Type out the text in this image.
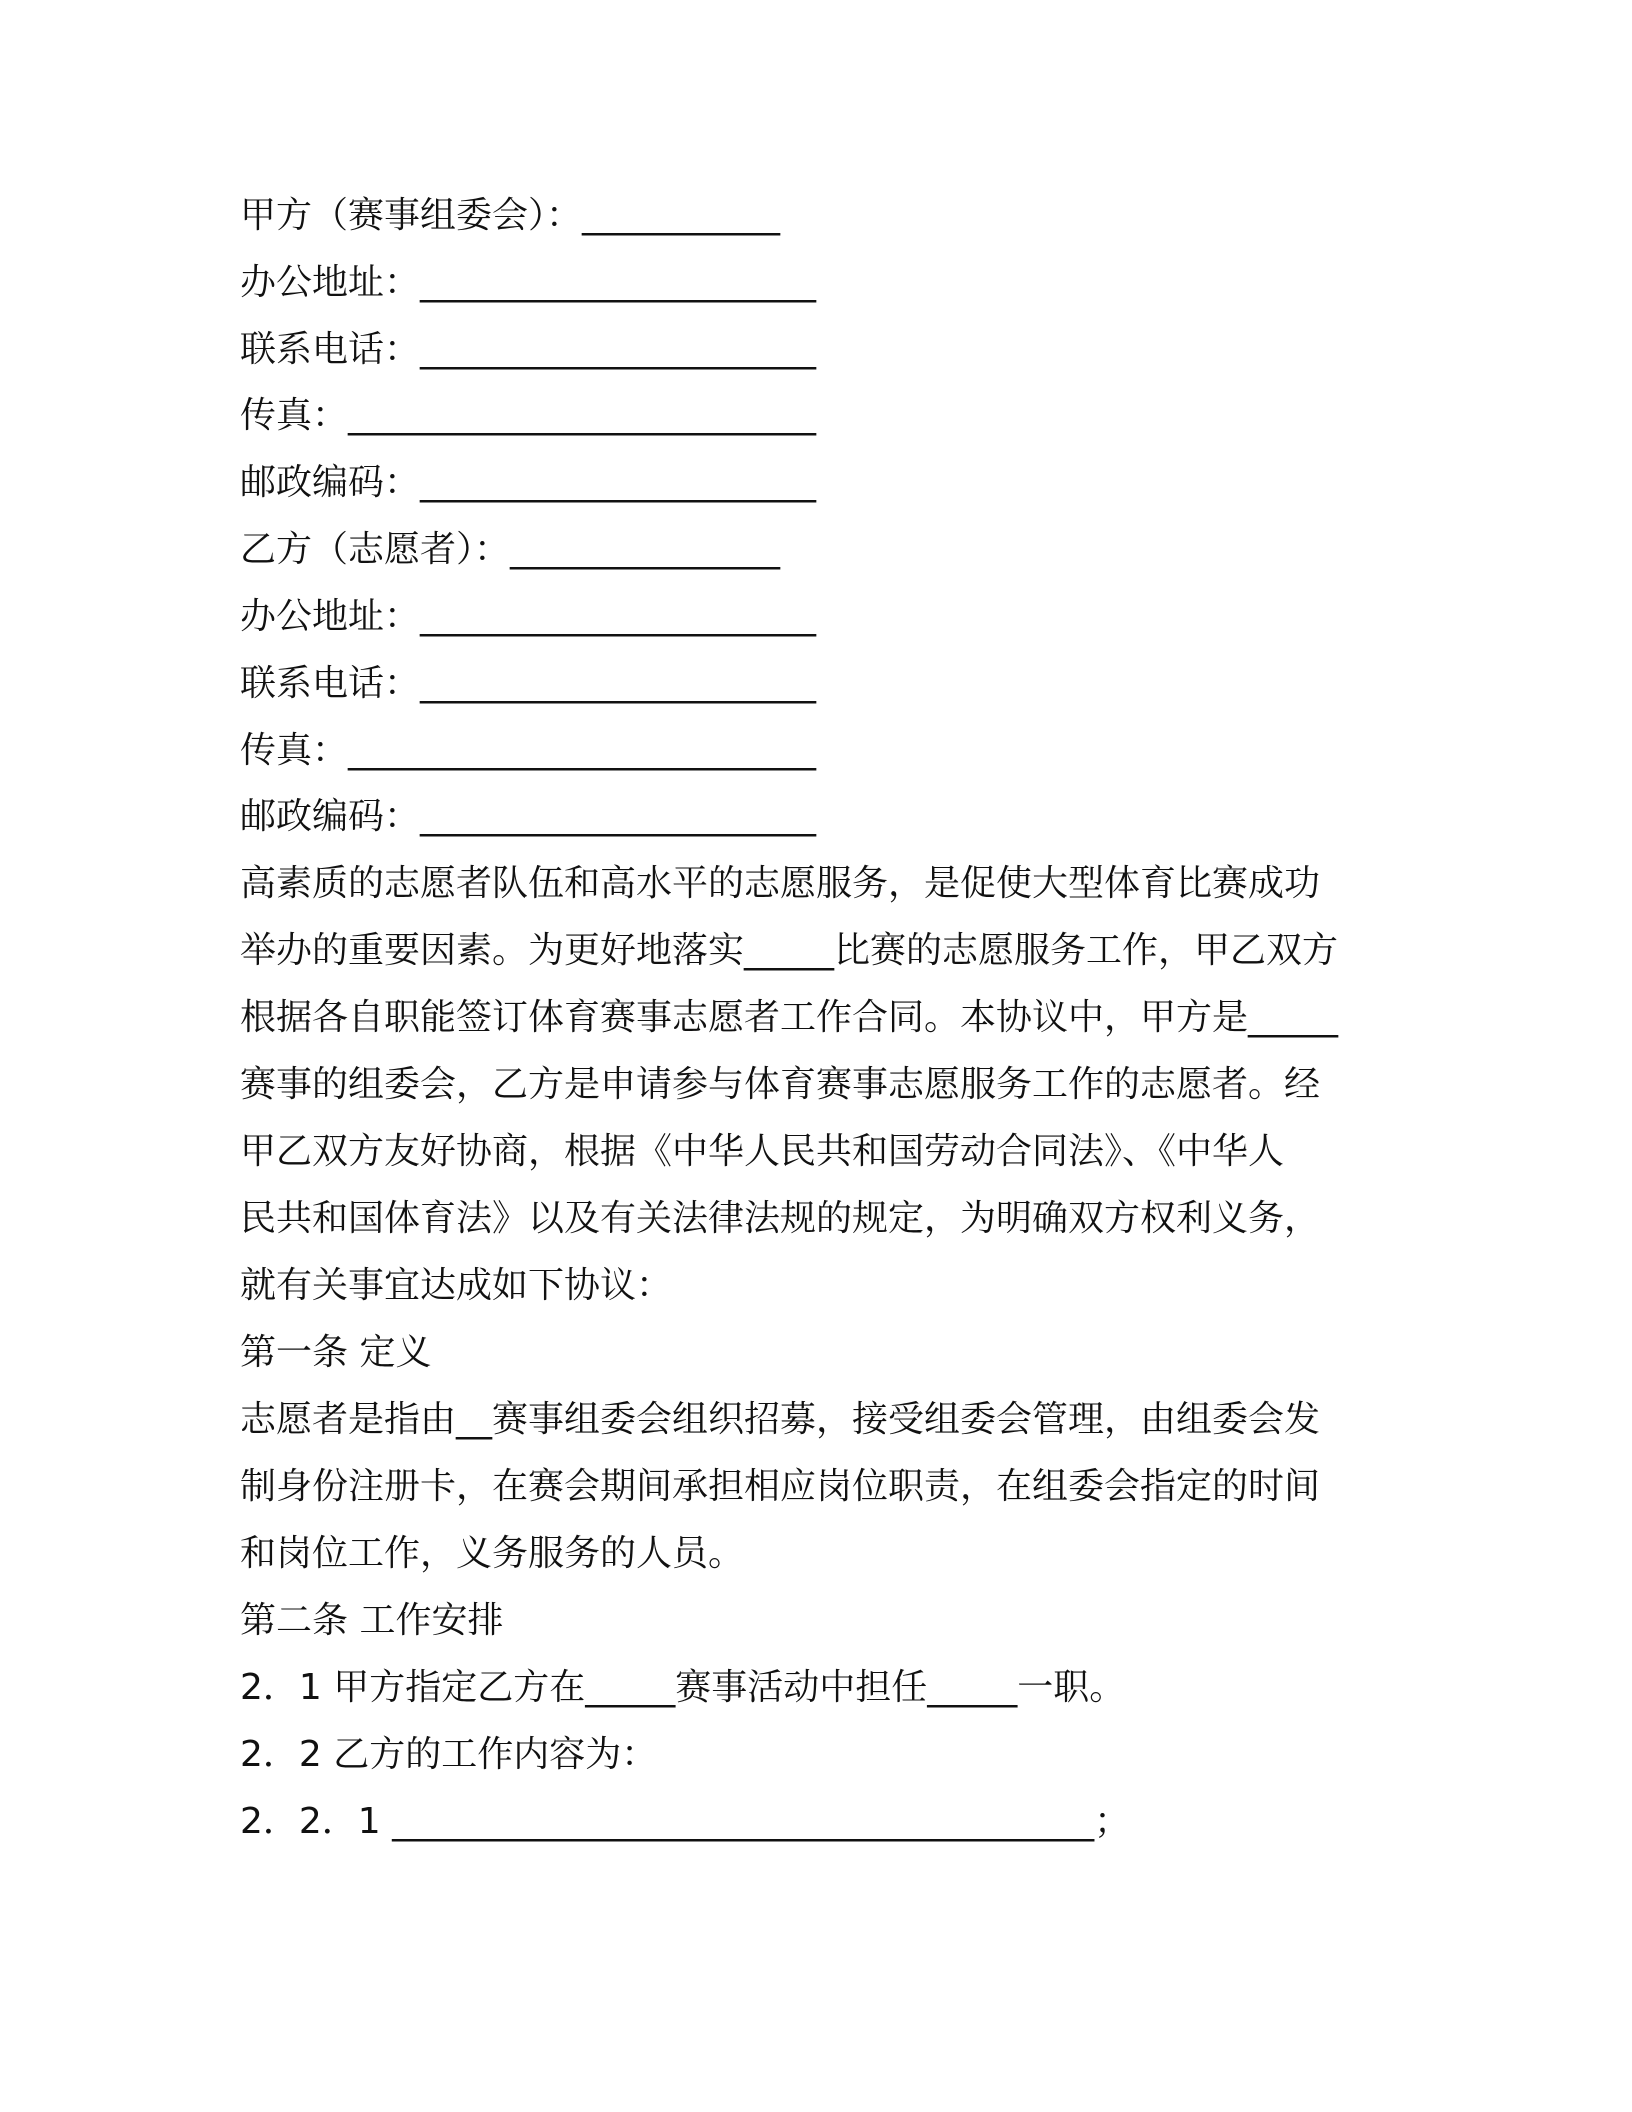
甲方（赛事组委会）：___________
办公地址：______________________
联系电话：______________________
传真：__________________________
邮政编码：______________________
乙方（志愿者）：_______________
办公地址：______________________
联系电话：______________________
传真：__________________________
邮政编码：______________________
高素质的志愿者队伍和高水平的志愿服务，是促使大型体育比赛成功
举办的重要因素。为更好地落实_____比赛的志愿服务工作，甲乙双方
根据各自职能签订体育赛事志愿者工作合同。本协议中，甲方是_____
赛事的组委会，乙方是申请参与体育赛事志愿服务工作的志愿者。经
甲乙双方友好协商，根据《中华人民共和国劳动合同法》、《中华人
民共和国体育法》以及有关法律法规的规定，为明确双方权利义务，
就有关事宜达成如下协议：
第一条 定义
志愿者是指由__赛事组委会组织招募，接受组委会管理，由组委会发
制身份注册卡，在赛会期间承担相应岗位职责，在组委会指定的时间
和岗位工作，义务服务的人员。
第二条 工作安排
2．1 甲方指定乙方在_____赛事活动中担任_____一职。
2．2 乙方的工作内容为：
2．2．1 _______________________________________；
